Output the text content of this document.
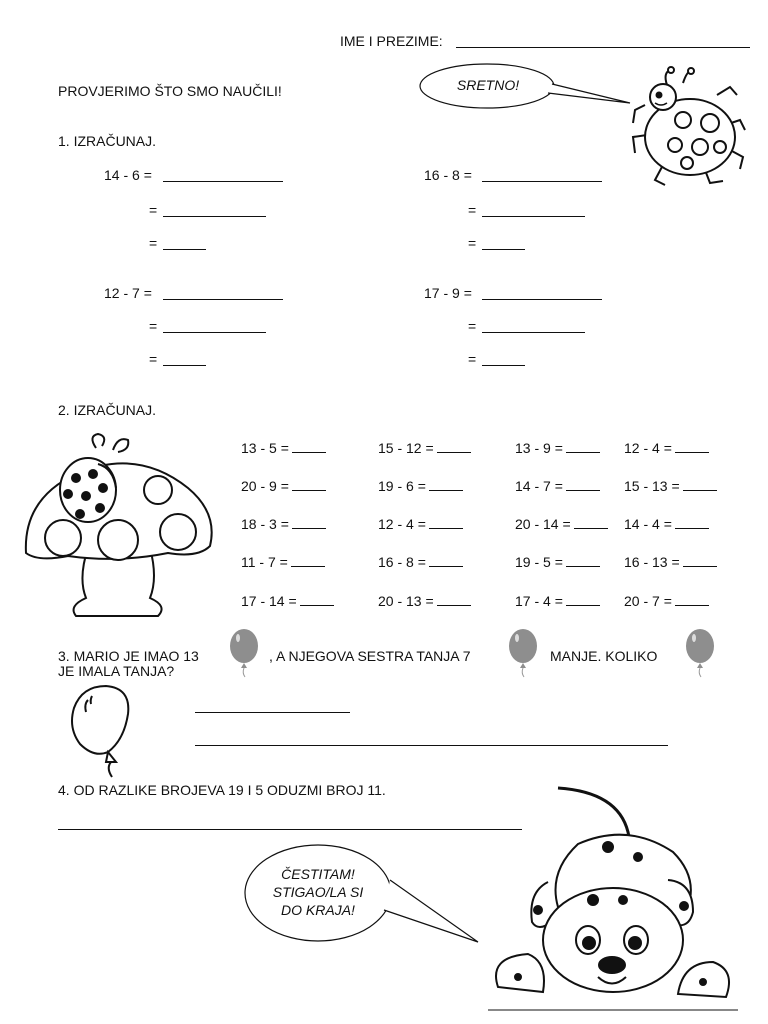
IME I PREZIME:
PROVJERIMO ŠTO SMO NAUČILI!	SRETNO!
1. IZRAČUNAJ.
14 - 6 =
=
=
16 - 8 =
=
=
12 - 7 =
=
=
17 - 9 =
=
=
2. IZRAČUNAJ.
13 - 5 =	15 - 12 =	13 - 9 =	12 - 4 =
20 - 9 =	19 - 6 =	14 - 7 =	15 - 13 =
18 - 3 =	12 - 4 =	20 - 14 =	14 - 4 =
11 - 7 =	16 - 8 =	19 - 5 =	16 - 13 =
17 - 14 =	20 - 13 =	17 - 4 =	20 - 7 =
3. MARIO JE IMAO 13	, A NJEGOVA SESTRA TANJA 7	MANJE. KOLIKO
JE IMALA TANJA?
4. OD RAZLIKE BROJEVA 19 I 5 ODUZMI BROJ 11.
ČESTITAM!
STIGAO/LA SI
DO KRAJA!
